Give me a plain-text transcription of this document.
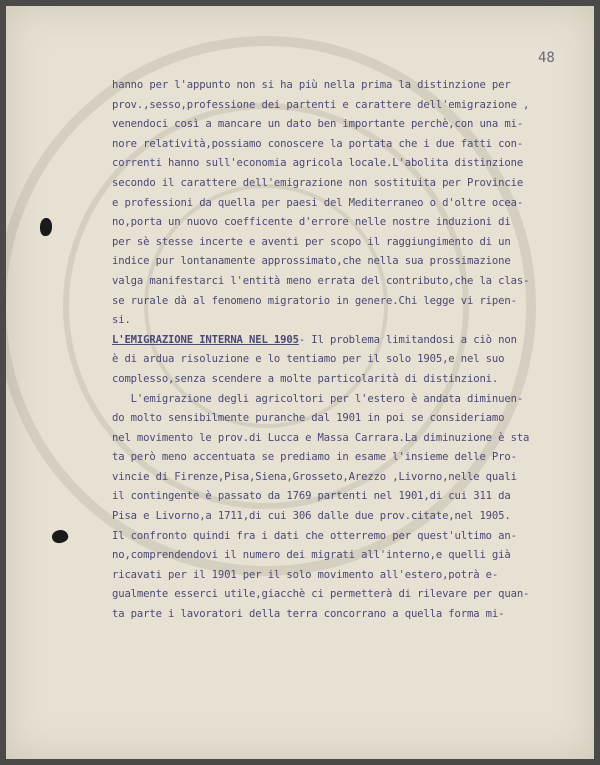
48
hanno per l'appunto non si ha più nella prima la distinzione per
prov.,sesso,professione dei partenti e carattere dell'emigrazione ,
venendoci così a mancare un dato ben importante perchè,con una mi-
nore relatività,possiamo conoscere la portata che i due fatti con-
correnti hanno sull'economia agricola locale.L'abolita distinzione
secondo il carattere dell'emigrazione non sostituita per Provincie
e professioni da quella per paesi del Mediterraneo o d'oltre ocea-
no,porta un nuovo coefficente d'errore nelle nostre induzioni di
per sè stesse incerte e aventi per scopo il raggiungimento di un
indice pur lontanamente approssimato,che nella sua prossimazione
valga manifestarci l'entità meno errata del contributo,che la clas-
se rurale dà al fenomeno migratorio in genere.Chi legge vi ripen-
si.
L'EMIGRAZIONE INTERNA NEL 1905- Il problema limitandosi a ciò non
è di ardua risoluzione e lo tentiamo per il solo 1905,e nel suo
complesso,senza scendere a molte particolarità di distinzioni.
L'emigrazione degli agricoltori per l'estero è andata diminuen-
do molto sensibilmente puranche dal 1901 in poi se consideriamo
nel movimento le prov.di Lucca e Massa Carrara.La diminuzione è sta
ta però meno accentuata se prediamo in esame l'insieme delle Pro-
vincie di Firenze,Pisa,Siena,Grosseto,Arezzo ,Livorno,nelle quali
il contingente è passato da 1769 partenti nel 1901,di cui 311 da
Pisa e Livorno,a 1711,di cui 306 dalle due prov.citate,nel 1905.
Il confronto quindi fra i dati che otterremo per quest'ultimo an-
no,comprendendovi il numero dei migrati all'interno,e quelli già
ricavati per il 1901 per il solo movimento all'estero,potrà e-
gualmente esserci utile,giacchè ci permetterà di rilevare per quan-
ta parte i lavoratori della terra concorrano a quella forma mi-
